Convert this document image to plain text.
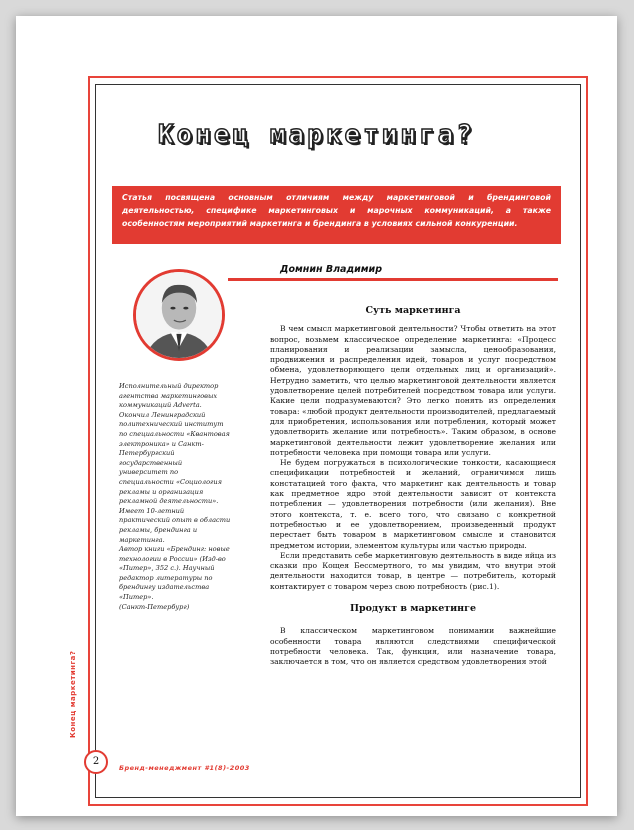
Конец маркетинга?
Статья посвящена основным отличиям между маркетинговой и брендинговой деятельностью, специфике маркетинговых и марочных коммуникаций, а также особенностям мероприятий маркетинга и брендинга в условиях сильной конкуренции.
Домнин Владимир

Исполнительный директор агентства маркетинговых коммуникаций Adverta.

Окончил Ленинградский политехнический институт по специальности «Квантовая электроника» и Санкт-Петербургский государственный университет по специальности «Социология рекламы и организация рекламной деятельности».

Имеет 10-летний практический опыт в области рекламы, брендинга и маркетинга.

Автор книги «Брендинг: новые технологии в России» (Изд-во «Питер», 352 с.). Научный редактор литературы по брендингу издательства «Питер».

(Санкт-Петербург)

Суть маркетинга

В чем смысл маркетинговой деятельности? Чтобы ответить на этот вопрос, возьмем классическое определение маркетинга: «Процесс планирования и реализации замысла, ценообразования, продвижения и распределения идей, товаров и услуг посредством обмена, удовлетворяющего цели отдельных лиц и организаций». Нетрудно заметить, что целью маркетинговой деятельности является удовлетворение целей потребителей посредством товара или услуги. Какие цели подразумеваются? Это легко понять из определения товара: «любой продукт деятельности производителей, предлагаемый для приобретения, использования или потребления, который может удовлетворить желание или потребность». Таким образом, в основе маркетинговой деятельности лежит удовлетворение желания или потребности человека при помощи товара или услуги.

Не будем погружаться в психологические тонкости, касающиеся спецификации потребностей и желаний, ограничимся лишь констатацией того факта, что маркетинг как деятельность и товар как предметное ядро этой деятельности зависят от контекста потребления — удовлетворения потребности (или желания). Вне этого контекста, т. е. всего того, что связано с конкретной потребностью и ее удовлетворением, произведенный продукт перестает быть товаром в маркетинговом смысле и становится предметом истории, элементом культуры или частью природы.

Если представить себе маркетинговую деятельность в виде яйца из сказки про Кощея Бессмертного, то мы увидим, что внутри этой деятельности находится товар, в центре — потребитель, который контактирует с товаром через свою потребность (рис.1).

Продукт в маркетинге

В классическом маркетинговом понимании важнейшие особенности товара являются следствиями специфической потребности человека. Так, функция, или назначение товара, заключается в том, что он является средством удовлетворения этой

Конец маркетинга?
2
Бренд-менеджмент #1(8)-2003
